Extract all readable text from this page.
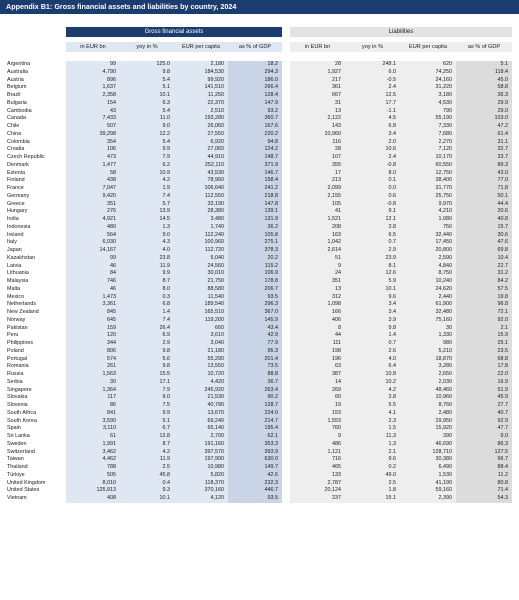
Appendix B1: Gross financial assets and liabilities by country, 2024
Gross financial assets	Liabilities
in EUR bn	yoy in %	EUR per capita	as % of GDP	in EUR bn	yoy in %	EUR per capita	as % of GDP
Argentina	99	125.0	2,180	18.2	28	248.1	620	5.1
Australia	4,790	9.8	184,530	294.3	1,927	6.0	74,250	118.4
Austria	896	5.4	99,920	186.0	217	-0.5	24,160	45.0
Belgium	1,637	5.1	141,510	266.4	361	2.4	31,220	58.8
Brazil	2,358	10.1	11,250	128.4	667	12.5	3,180	36.3
Bulgaria	154	6.3	22,370	147.9	31	17.7	4,530	29.9
Cambodia	43	5.4	2,510	93.2	13	-1.1	790	29.0
Canada	7,433	11.0	193,280	360.7	2,122	4.5	55,190	103.0
Chile	507	9.0	26,060	167.6	143	6.8	7,330	47.2
China	39,298	12.2	27,550	220.2	10,960	3.4	7,680	61.4
Colombia	354	5.4	6,920	94.8	116	2.0	2,270	31.1
Croatia	106	9.9	27,060	124.2	28	10.6	7,120	32.7
Czech Republic	473	7.9	44,910	148.7	107	2.4	10,170	33.7
Denmark	1,477	6.2	252,110	371.9	355	-0.8	60,550	89.3
Estonia	58	10.9	43,530	146.7	17	8.0	12,750	43.0
Finland	438	4.2	78,960	158.4	213	0.1	38,400	77.0
France	7,047	1.9	106,640	241.2	2,099	0.0	31,770	71.8
Germany	9,420	7.4	112,550	218.8	2,155	0.6	25,750	50.1
Greece	351	5.7	33,190	147.8	105	-0.8	9,970	44.4
Hungary	276	13.9	28,380	139.1	41	9.1	4,210	20.6
India	4,921	14.5	3,480	131.9	1,521	12.1	1,080	40.8
Indonesia	480	1.3	1,740	36.2	208	3.8	750	15.7
Ireland	564	9.0	112,240	105.8	163	6.5	32,440	30.6
Italy	6,030	4.3	100,960	275.1	1,042	0.7	17,450	47.6
Japan	14,167	4.0	112,720	378.3	2,614	2.9	20,800	69.8
Kazakhstan	99	23.8	5,040	20.2	51	23.9	2,590	10.4
Latvia	46	11.9	24,560	115.2	9	8.1	4,840	22.7
Lithuania	84	9.9	30,010	106.9	24	12.6	8,750	31.2
Malaysia	746	8.7	21,750	178.8	351	5.9	10,240	84.2
Malta	46	8.0	88,580	206.7	13	10.1	24,620	57.5
Mexico	1,473	0.3	11,540	93.5	312	9.6	2,440	19.8
Netherlands	3,361	6.8	189,540	296.3	1,098	3.4	61,900	96.8
New Zealand	845	1.4	165,510	367.0	166	3.4	32,480	72.1
Norway	645	7.4	119,200	145.9	406	3.9	75,160	92.0
Pakistan	159	26.4	660	43.4	8	9.8	30	2.1
Peru	120	6.9	3,610	42.9	44	1.4	1,330	15.9
Philippines	344	2.9	3,040	77.9	111	0.7	980	25.1
Poland	806	9.8	21,180	95.3	198	2.6	5,210	23.5
Portugal	574	5.6	55,290	201.4	196	4.0	18,870	68.8
Romania	261	9.8	13,550	73.5	63	6.4	3,280	17.8
Russia	1,563	15.5	10,720	88.8	387	10.8	2,650	22.0
Serbia	30	17.1	4,420	36.7	14	10.2	2,030	16.9
Singapore	1,364	7.9	245,920	263.4	269	4.2	48,460	51.9
Slovakia	117	9.0	21,530	90.2	60	3.8	10,960	45.9
Slovenia	86	7.5	40,790	128.7	19	5.5	8,760	27.7
South Africa	841	9.9	13,670	224.0	153	4.1	2,480	40.7
South Korea	3,590	5.1	69,240	214.7	1,553	2.3	29,950	92.9
Spain	3,110	6.7	65,140	195.4	760	1.5	15,920	47.7
Sri Lanka	61	12.8	2,700	62.1	9	11.3	390	9.0
Sweden	1,991	8.7	191,160	353.3	486	1.3	46,690	86.3
Switzerland	3,462	4.2	397,570	393.9	1,121	2.1	128,710	127.5
Taiwan	4,462	11.9	197,900	630.0	716	9.6	30,380	96.7
Thailand	788	2.5	10,980	149.7	465	0.2	6,490	88.4
Türkiye	505	45.8	5,820	42.6	133	49.0	1,530	11.2
United Kingdom	8,010	0.4	118,370	232.3	2,787	2.5	41,190	80.8
United States	125,913	9.3	370,160	446.7	20,124	1.8	59,160	71.4
Vietnam	408	10.1	4,120	93.5	237	15.1	2,390	54.3
